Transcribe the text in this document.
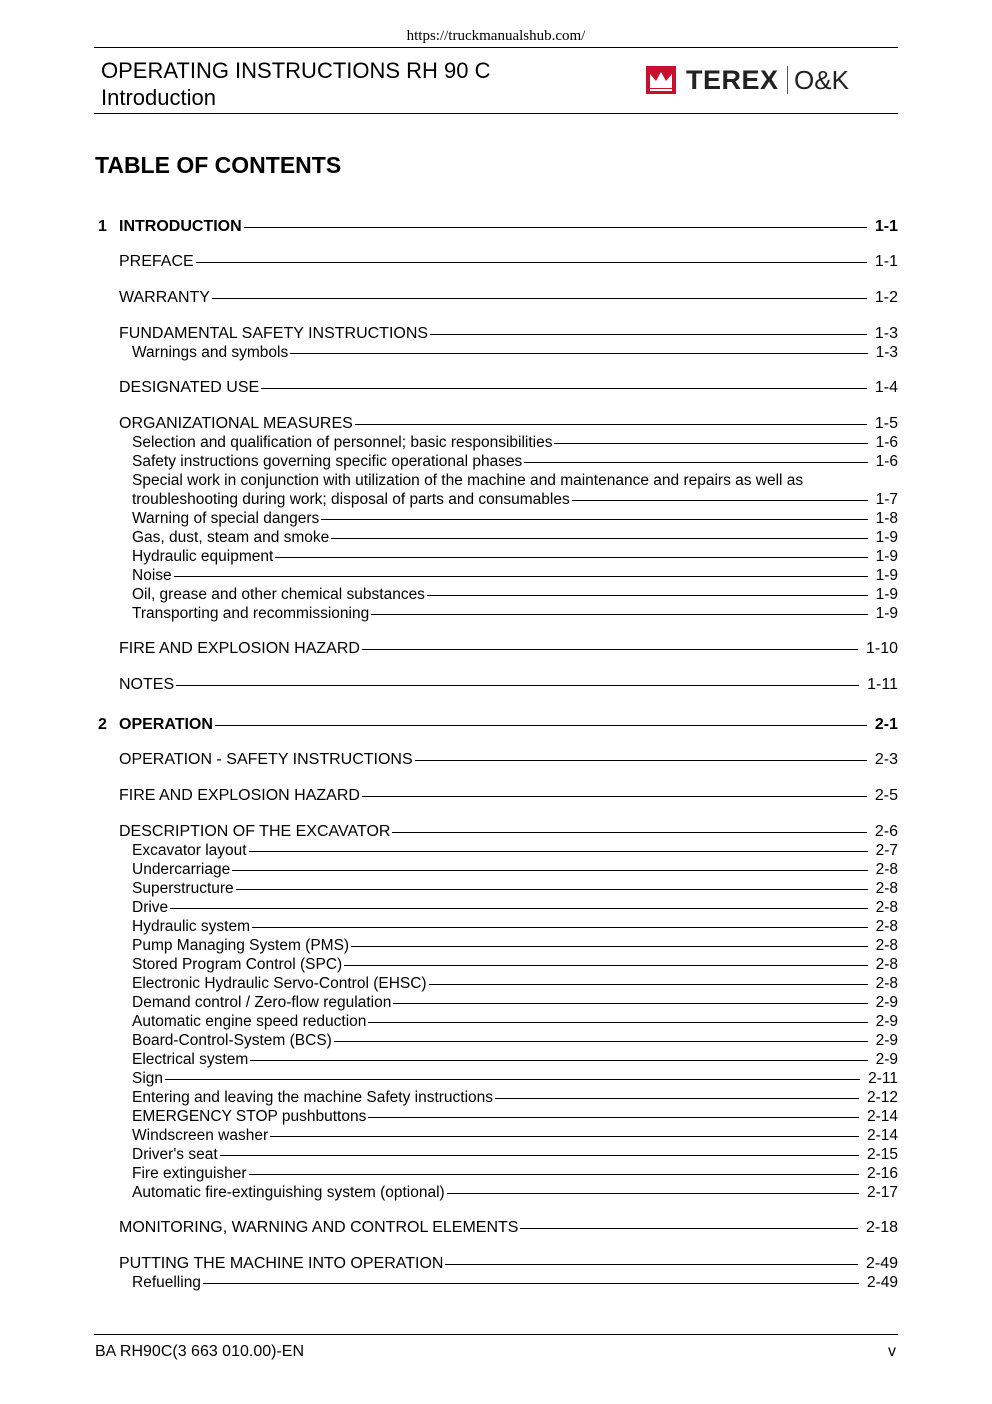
https://truckmanualshub.com/
OPERATING INSTRUCTIONS RH 90 C
Introduction
TEREX O&K
TABLE OF CONTENTS
1 INTRODUCTION	1-1
PREFACE	1-1
WARRANTY	1-2
FUNDAMENTAL SAFETY INSTRUCTIONS	1-3
Warnings and symbols	1-3
DESIGNATED USE	1-4
ORGANIZATIONAL MEASURES	1-5
Selection and qualification of personnel; basic responsibilities	1-6
Safety instructions governing specific operational phases	1-6
Special work in conjunction with utilization of the machine and maintenance and repairs as well as
troubleshooting during work; disposal of parts and consumables	1-7
Warning of special dangers	1-8
Gas, dust, steam and smoke	1-9
Hydraulic equipment	1-9
Noise	1-9
Oil, grease and other chemical substances	1-9
Transporting and recommissioning	1-9
FIRE AND EXPLOSION HAZARD	1-10
NOTES	1-11
2 OPERATION	2-1
OPERATION - SAFETY INSTRUCTIONS	2-3
FIRE AND EXPLOSION HAZARD	2-5
DESCRIPTION OF THE EXCAVATOR	2-6
Excavator layout	2-7
Undercarriage	2-8
Superstructure	2-8
Drive	2-8
Hydraulic system	2-8
Pump Managing System (PMS)	2-8
Stored Program Control (SPC)	2-8
Electronic Hydraulic Servo-Control (EHSC)	2-8
Demand control / Zero-flow regulation	2-9
Automatic engine speed reduction	2-9
Board-Control-System (BCS)	2-9
Electrical system	2-9
Sign	2-11
Entering and leaving the machine Safety instructions	2-12
EMERGENCY STOP pushbuttons	2-14
Windscreen washer	2-14
Driver's seat	2-15
Fire extinguisher	2-16
Automatic fire-extinguishing system (optional)	2-17
MONITORING, WARNING AND CONTROL ELEMENTS	2-18
PUTTING THE MACHINE INTO OPERATION	2-49
Refuelling	2-49
BA RH90C(3 663 010.00)-EN	v
